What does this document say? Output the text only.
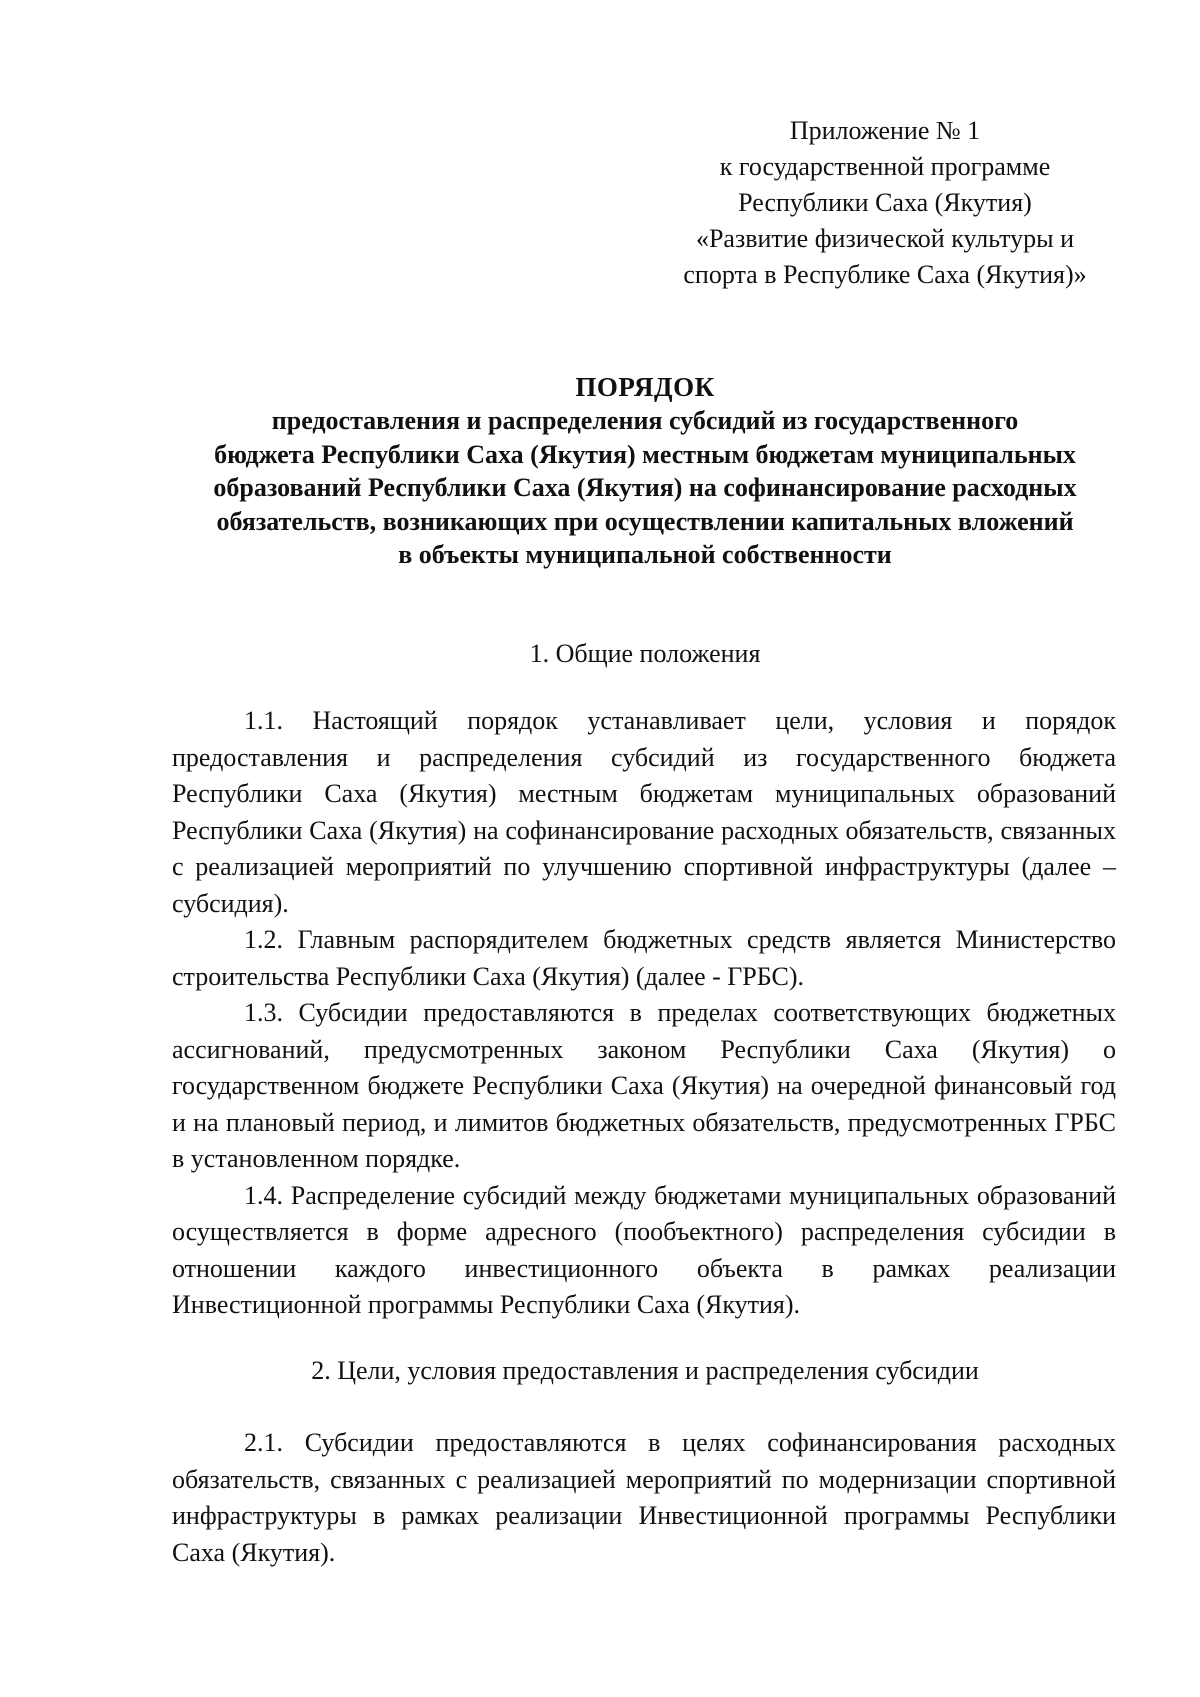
Приложение № 1
к государственной программе
Республики Саха (Якутия)
«Развитие физической культуры и
спорта в Республике Саха (Якутия)»
ПОРЯДОК
предоставления и распределения субсидий из государственного
бюджета Республики Саха (Якутия) местным бюджетам муниципальных
образований Республики Саха (Якутия) на софинансирование расходных
обязательств, возникающих при осуществлении капитальных вложений
в объекты муниципальной собственности
1. Общие положения

1.1. Настоящий порядок устанавливает цели, условия и порядок предоставления и распределения субсидий из государственного бюджета Республики Саха (Якутия) местным бюджетам муниципальных образований Республики Саха (Якутия) на софинансирование расходных обязательств, связанных с реализацией мероприятий по улучшению спортивной инфраструктуры (далее – субсидия).

1.2. Главным распорядителем бюджетных средств является Министерство строительства Республики Саха (Якутия) (далее - ГРБС).

1.3. Субсидии предоставляются в пределах соответствующих бюджетных ассигнований, предусмотренных законом Республики Саха (Якутия) о государственном бюджете Республики Саха (Якутия) на очередной финансовый год и на плановый период, и лимитов бюджетных обязательств, предусмотренных ГРБС в установленном порядке.

1.4. Распределение субсидий между бюджетами муниципальных образований осуществляется в форме адресного (пообъектного) распределения субсидии в отношении каждого инвестиционного объекта в рамках реализации Инвестиционной программы Республики Саха (Якутия).

2. Цели, условия предоставления и распределения субсидии

2.1. Субсидии предоставляются в целях софинансирования расходных обязательств, связанных с реализацией мероприятий по модернизации спортивной инфраструктуры в рамках реализации Инвестиционной программы Республики Саха (Якутия).
